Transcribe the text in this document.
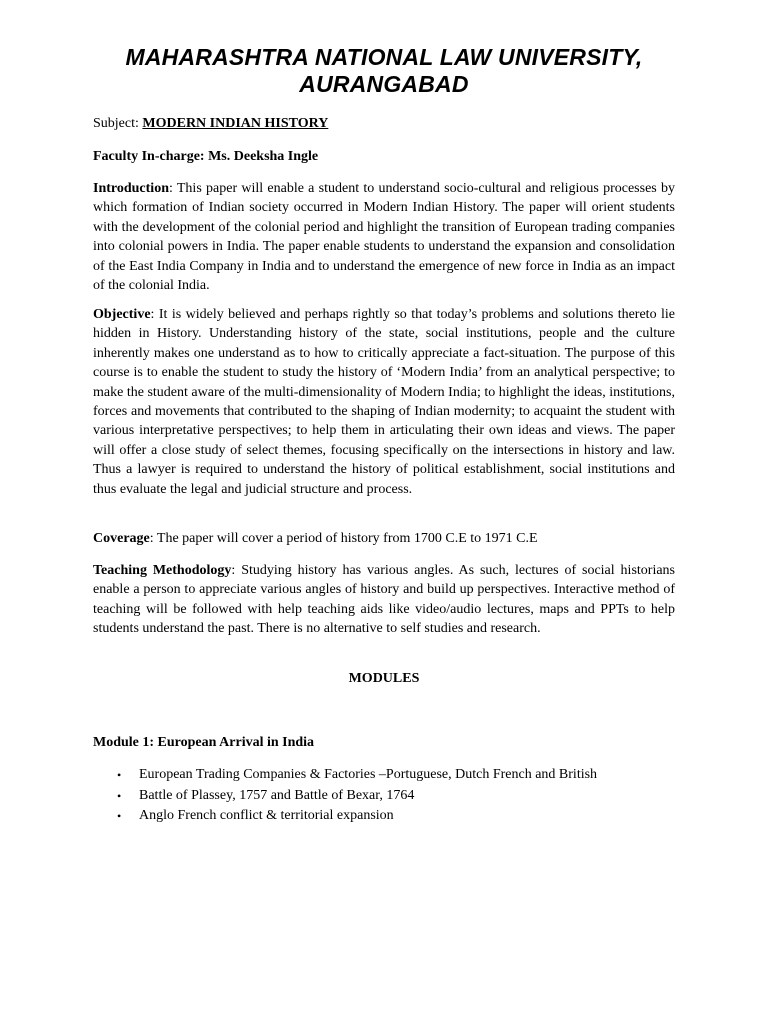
MAHARASHTRA NATIONAL LAW UNIVERSITY,
AURANGABAD
Subject: MODERN INDIAN HISTORY
Faculty In-charge: Ms. Deeksha Ingle
Introduction: This paper will enable a student to understand socio-cultural and religious processes by which formation of Indian society occurred in Modern Indian History. The paper will orient students with the development of the colonial period and highlight the transition of European trading companies into colonial powers in India. The paper enable students to understand the expansion and consolidation of the East India Company in India and to understand the emergence of new force in India as an impact of the colonial India.
Objective: It is widely believed and perhaps rightly so that today’s problems and solutions thereto lie hidden in History. Understanding history of the state, social institutions, people and the culture inherently makes one understand as to how to critically appreciate a fact-situation. The purpose of this course is to enable the student to study the history of ‘Modern India’ from an analytical perspective; to make the student aware of the multi-dimensionality of Modern India; to highlight the ideas, institutions, forces and movements that contributed to the shaping of Indian modernity; to acquaint the student with various interpretative perspectives; to help them in articulating their own ideas and views. The paper will offer a close study of select themes, focusing specifically on the intersections in history and law. Thus a lawyer is required to understand the history of political establishment, social institutions and thus evaluate the legal and judicial structure and process.
Coverage: The paper will cover a period of history from 1700 C.E to 1971 C.E
Teaching Methodology: Studying history has various angles. As such, lectures of social historians enable a person to appreciate various angles of history and build up perspectives. Interactive method of teaching will be followed with help teaching aids like video/audio lectures, maps and PPTs to help students understand the past. There is no alternative to self studies and research.
MODULES
Module 1: European Arrival in India
• European Trading Companies & Factories –Portuguese, Dutch French and British
• Battle of Plassey, 1757 and Battle of Bexar, 1764
• Anglo French conflict & territorial expansion
